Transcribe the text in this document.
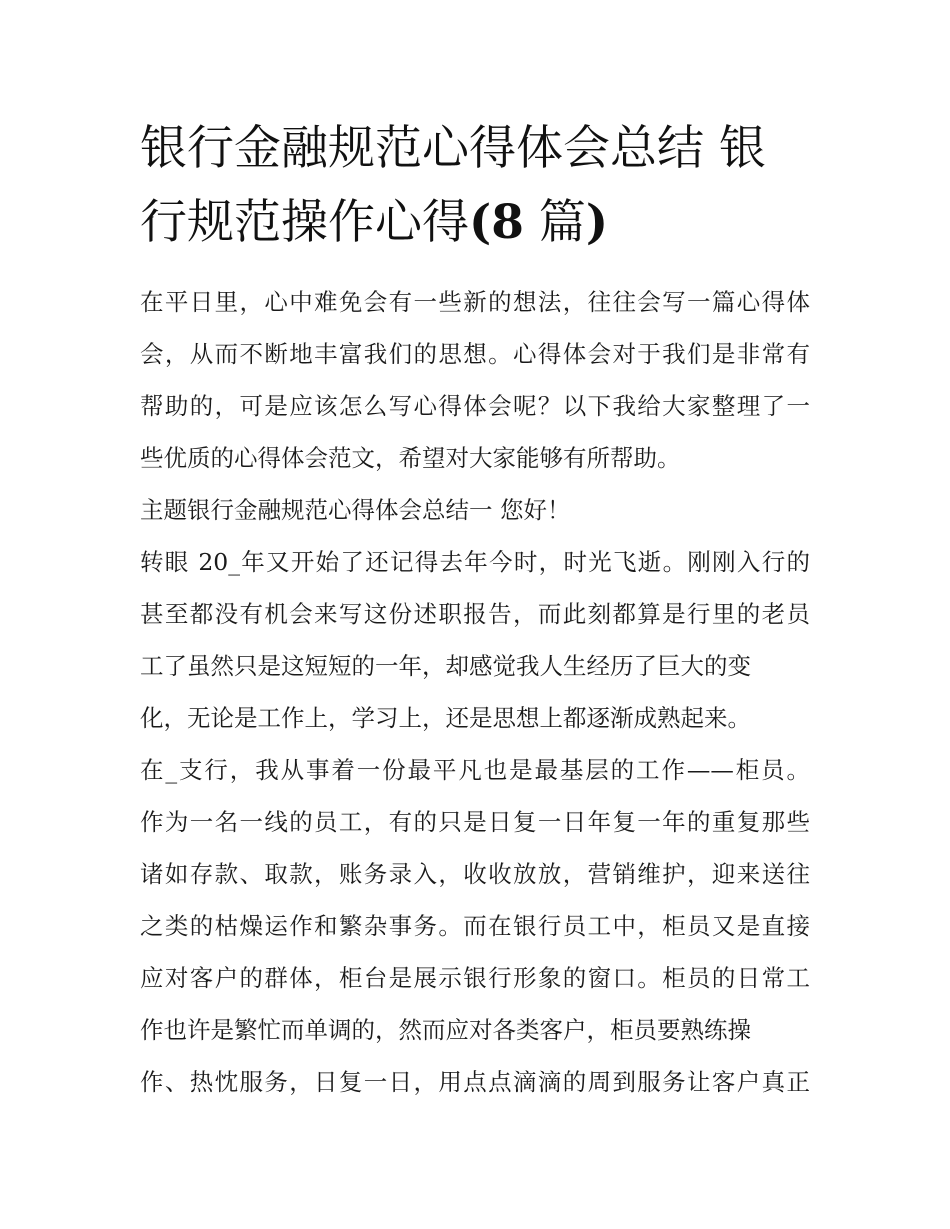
银行金融规范心得体会总结 银
行规范操作心得(8 篇)
在平日里，心中难免会有一些新的想法，往往会写一篇心得体
会，从而不断地丰富我们的思想。心得体会对于我们是非常有
帮助的，可是应该怎么写心得体会呢？以下我给大家整理了一
些优质的心得体会范文，希望对大家能够有所帮助。
主题银行金融规范心得体会总结一 您好！
转眼 20_年又开始了还记得去年今时，时光飞逝。刚刚入行的
甚至都没有机会来写这份述职报告，而此刻都算是行里的老员
工了虽然只是这短短的一年，却感觉我人生经历了巨大的变
化，无论是工作上，学习上，还是思想上都逐渐成熟起来。
在_支行，我从事着一份最平凡也是最基层的工作——柜员。
作为一名一线的员工，有的只是日复一日年复一年的重复那些
诸如存款、取款，账务录入，收收放放，营销维护，迎来送往
之类的枯燥运作和繁杂事务。而在银行员工中，柜员又是直接
应对客户的群体，柜台是展示银行形象的窗口。柜员的日常工
作也许是繁忙而单调的，然而应对各类客户，柜员要熟练操
作、热忱服务，日复一日，用点点滴滴的周到服务让客户真正
